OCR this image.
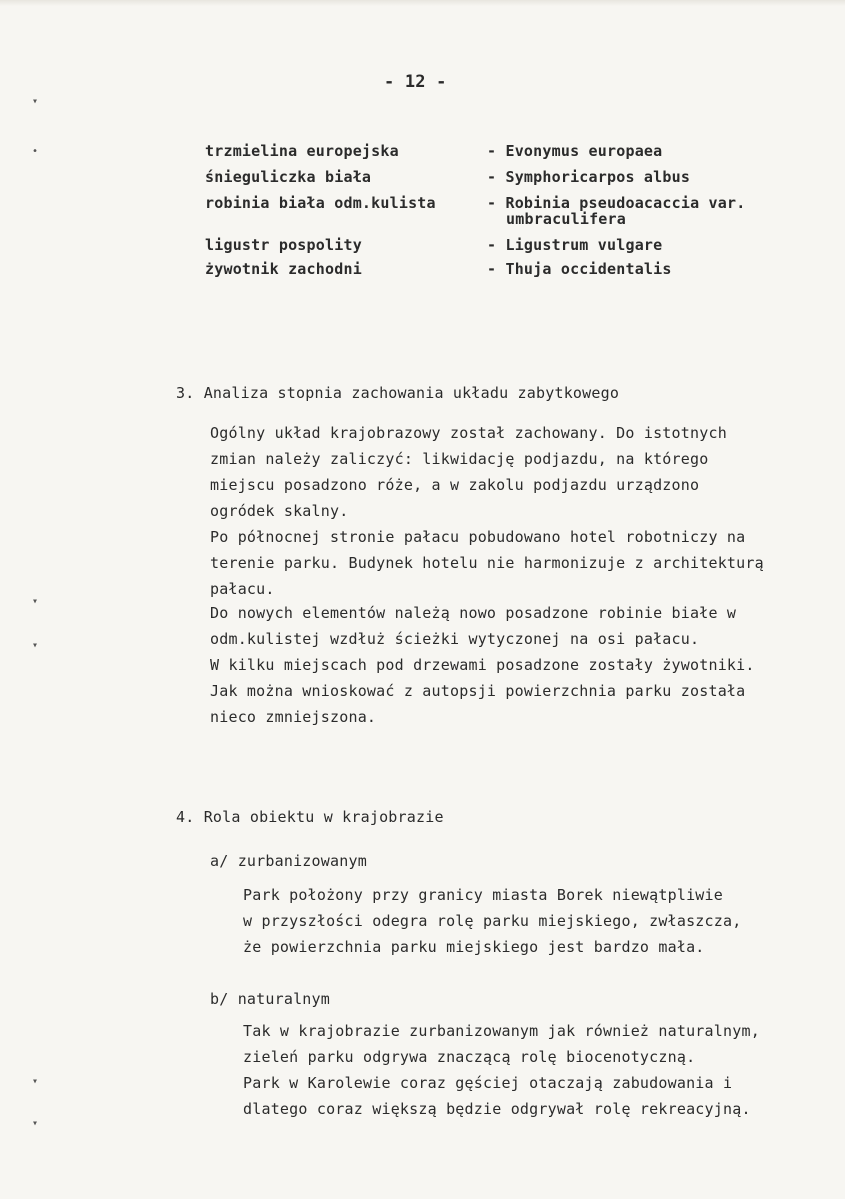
▾
•
▾
▾
▾
▾
- 12 -
trzmielina europejska	- Evonymus europaea
śnieguliczka biała	- Symphoricarpos albus
robinia biała odm.kulista	- Robinia pseudoacaccia var.
umbraculifera
ligustr pospolity	- Ligustrum vulgare
żywotnik zachodni	- Thuja occidentalis
3. Analiza stopnia zachowania układu zabytkowego
Ogólny układ krajobrazowy został zachowany. Do istotnych
zmian należy zaliczyć: likwidację podjazdu, na którego
miejscu posadzono róże, a w zakolu podjazdu urządzono
ogródek skalny.
Po północnej stronie pałacu pobudowano hotel robotniczy na
terenie parku. Budynek hotelu nie harmonizuje z architekturą
pałacu.
Do nowych elementów należą nowo posadzone robinie białe w
odm.kulistej wzdłuż ścieżki wytyczonej na osi pałacu.
W kilku miejscach pod drzewami posadzone zostały żywotniki.
Jak można wnioskować z autopsji powierzchnia parku została
nieco zmniejszona.
4. Rola obiektu w krajobrazie
a/ zurbanizowanym
Park położony przy granicy miasta Borek niewątpliwie
w przyszłości odegra rolę parku miejskiego, zwłaszcza,
że powierzchnia parku miejskiego jest bardzo mała.
b/ naturalnym
Tak w krajobrazie zurbanizowanym jak również naturalnym,
zieleń parku odgrywa znaczącą rolę biocenotyczną.
Park w Karolewie coraz gęściej otaczają zabudowania i
dlatego coraz większą będzie odgrywał rolę rekreacyjną.
